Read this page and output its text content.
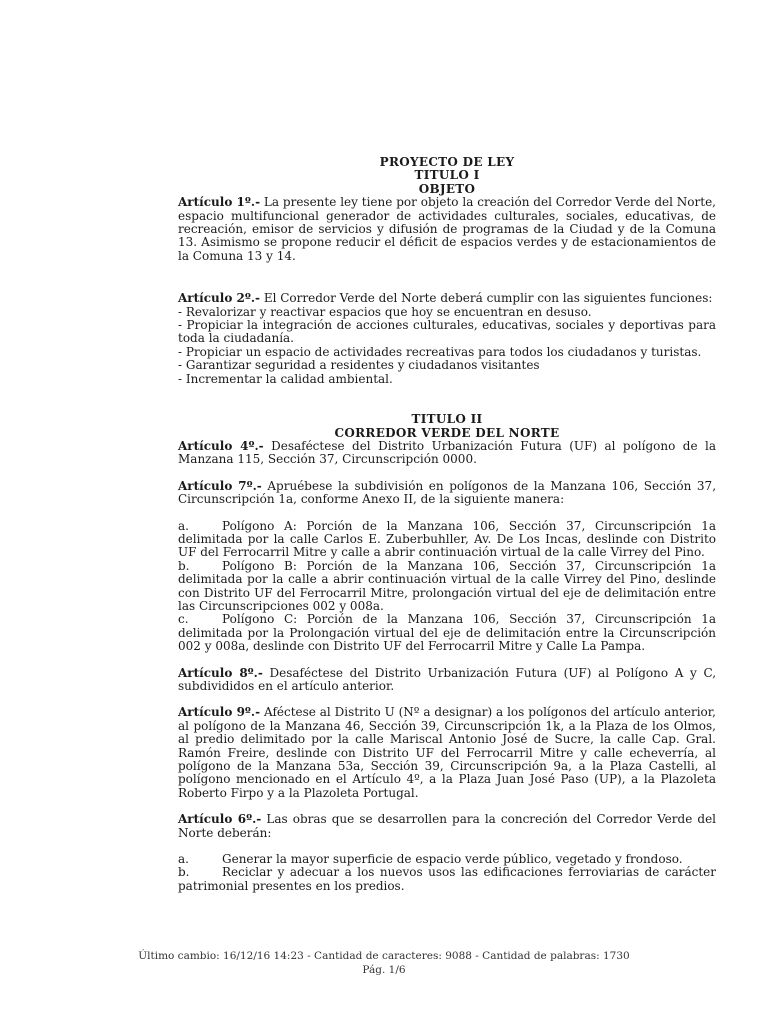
PROYECTO DE LEY
TITULO I
OBJETO

Artículo 1º.- La presente ley tiene por objeto la creación del Corredor Verde del Norte, espacio multifuncional generador de actividades culturales, sociales, educativas, de recreación, emisor de servicios y difusión de programas de la Ciudad y de la Comuna 13. Asimismo se propone reducir el déficit de espacios verdes y de estacionamientos de la Comuna 13 y 14.

Artículo 2º.- El Corredor Verde del Norte deberá cumplir con las siguientes funciones:

- Revalorizar y reactivar espacios que hoy se encuentran en desuso.

- Propiciar la integración de acciones culturales, educativas, sociales y deportivas para toda la ciudadanía.

- Propiciar un espacio de actividades recreativas para todos los ciudadanos y turistas.

- Garantizar seguridad a residentes y ciudadanos visitantes

- Incrementar la calidad ambiental.

TITULO II
CORREDOR VERDE DEL NORTE

Artículo 4º.- Desaféctese del Distrito Urbanización Futura (UF) al polígono de la Manzana 115, Sección 37, Circunscripción 0000.

Artículo 7º.- Apruébese la subdivisión en polígonos de la Manzana 106, Sección 37, Circunscripción 1a, conforme Anexo II, de la siguiente manera:

a.	Polígono A: Porción de la Manzana 106, Sección 37, Circunscripción 1a delimitada por la calle Carlos E. Zuberbuhller, Av. De Los Incas, deslinde con Distrito UF del Ferrocarril Mitre y calle a abrir continuación virtual de la calle Virrey del Pino.

b.	Polígono B: Porción de la Manzana 106, Sección 37, Circunscripción 1a delimitada por la calle a abrir continuación virtual de la calle Virrey del Pino, deslinde con Distrito UF del Ferrocarril Mitre, prolongación virtual del eje de delimitación entre las Circunscripciones 002 y 008a.

c.	Polígono C: Porción de la Manzana 106, Sección 37, Circunscripción 1a delimitada por la Prolongación virtual del eje de delimitación entre la Circunscripción 002 y 008a, deslinde con Distrito UF del Ferrocarril Mitre y Calle La Pampa.

Artículo 8º.- Desaféctese del Distrito Urbanización Futura (UF) al Polígono A y C, subdivididos en el artículo anterior.

Artículo 9º.- Aféctese al Distrito U (Nº a designar) a los polígonos del artículo anterior, al polígono de la Manzana 46, Sección 39, Circunscripción 1k, a la Plaza de los Olmos, al predio delimitado por la calle Mariscal Antonio José de Sucre, la calle Cap. Gral. Ramón Freire, deslinde con Distrito UF del Ferrocarril Mitre y calle echeverría, al polígono de la Manzana 53a, Sección 39, Circunscripción 9a, a la Plaza Castelli, al polígono mencionado en el Artículo 4º, a la Plaza Juan José Paso (UP), a la Plazoleta Roberto Firpo y a la Plazoleta Portugal.

Artículo 6º.- Las obras que se desarrollen para la concreción del Corredor Verde del Norte deberán:

a.	Generar la mayor superficie de espacio verde público, vegetado y frondoso.

b.	Reciclar y adecuar a los nuevos usos las edificaciones ferroviarias de carácter patrimonial presentes en los predios.

Último cambio: 16/12/16 14:23 - Cantidad de caracteres: 9088 - Cantidad de palabras: 1730
Pág. 1/6
